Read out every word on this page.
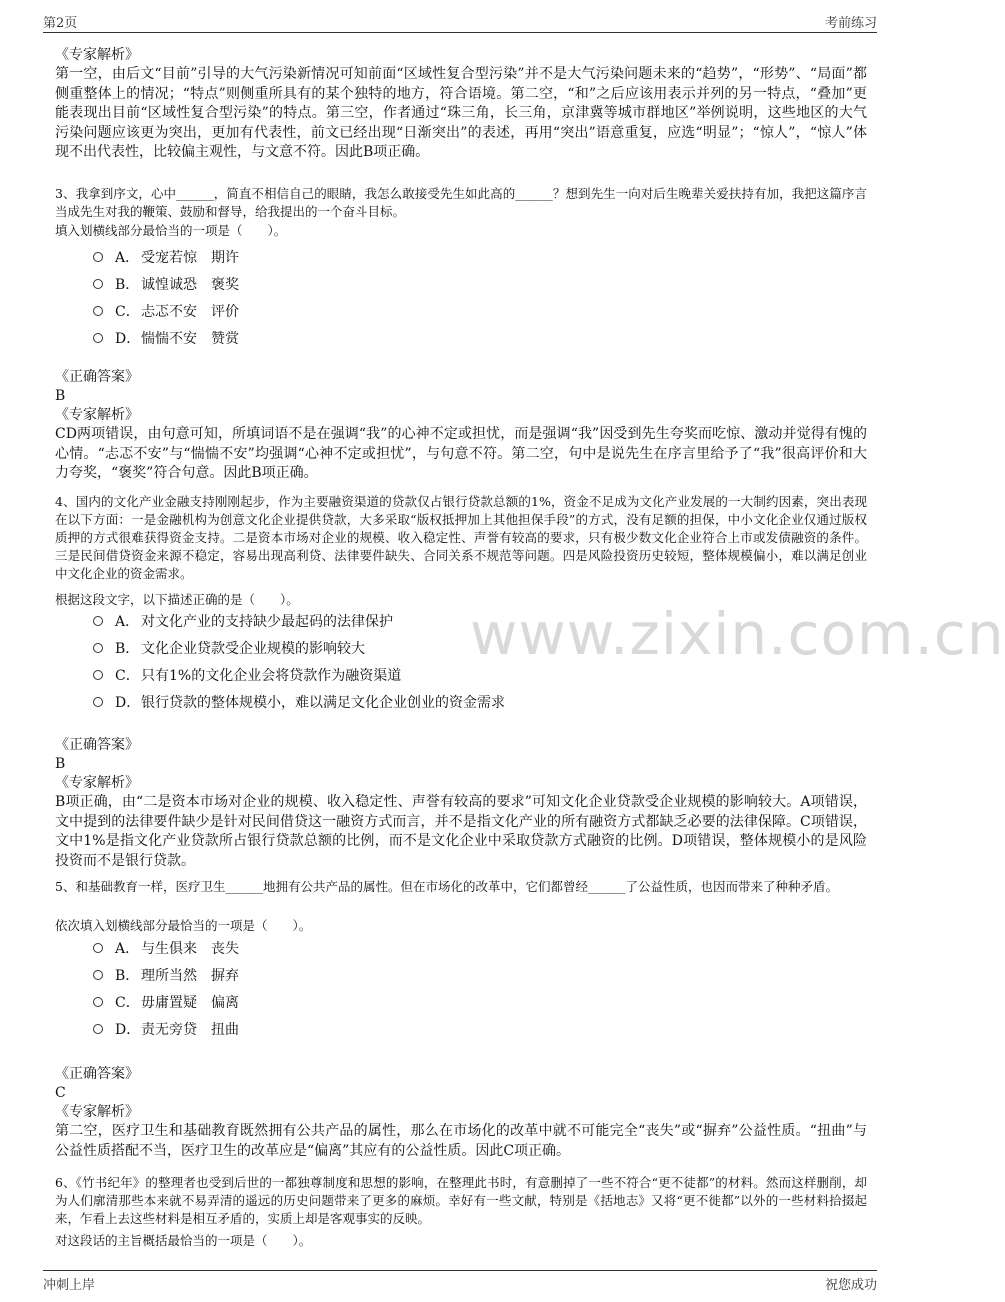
第2页	考前练习
www.zixin.com.cn
《专家解析》

第一空，由后文“目前”引导的大气污染新情况可知前面“区域性复合型污染”并不是大气污染问题未来的“趋势”，“形势”、“局面”都侧重整体上的情况；“特点”则侧重所具有的某个独特的地方，符合语境。第二空，“和”之后应该用表示并列的另一特点，“叠加”更能表现出目前“区域性复合型污染”的特点。第三空，作者通过“珠三角，长三角，京津冀等城市群地区”举例说明，这些地区的大气污染问题应该更为突出，更加有代表性，前文已经出现“日渐突出”的表述，再用“突出”语意重复，应选“明显”；“惊人”，“惊人”体现不出代表性，比较偏主观性，与文意不符。因此B项正确。

3、我拿到序文，心中______，简直不相信自己的眼睛，我怎么敢接受先生如此高的______？想到先生一向对后生晚辈关爱扶持有加，我把这篇序言当成先生对我的鞭策、鼓励和督导，给我提出的一个奋斗目标。

填入划横线部分最恰当的一项是（　　）。
A． 受宠若惊　期许
B． 诚惶诚恐　褒奖
C． 忐忑不安　评价
D． 惴惴不安　赞赏
《正确答案》
B
《专家解析》

CD两项错误，由句意可知，所填词语不是在强调“我”的心神不定或担忧，而是强调“我”因受到先生夸奖而吃惊、激动并觉得有愧的心情。“忐忑不安”与“惴惴不安”均强调“心神不定或担忧”，与句意不符。第二空，句中是说先生在序言里给予了“我”很高评价和大力夸奖，“褒奖”符合句意。因此B项正确。

4、国内的文化产业金融支持刚刚起步，作为主要融资渠道的贷款仅占银行贷款总额的1%，资金不足成为文化产业发展的一大制约因素，突出表现在以下方面：一是金融机构为创意文化企业提供贷款，大多采取“版权抵押加上其他担保手段”的方式，没有足额的担保，中小文化企业仅通过版权质押的方式很难获得资金支持。二是资本市场对企业的规模、收入稳定性、声誉有较高的要求，只有极少数文化企业符合上市或发债融资的条件。三是民间借贷资金来源不稳定，容易出现高利贷、法律要件缺失、合同关系不规范等问题。四是风险投资历史较短，整体规模偏小，难以满足创业中文化企业的资金需求。

根据这段文字，以下描述正确的是（　　）。
A． 对文化产业的支持缺少最起码的法律保护
B． 文化企业贷款受企业规模的影响较大
C． 只有1%的文化企业会将贷款作为融资渠道
D． 银行贷款的整体规模小，难以满足文化企业创业的资金需求
《正确答案》
B
《专家解析》

B项正确，由“二是资本市场对企业的规模、收入稳定性、声誉有较高的要求”可知文化企业贷款受企业规模的影响较大。A项错误，文中提到的法律要件缺少是针对民间借贷这一融资方式而言，并不是指文化产业的所有融资方式都缺乏必要的法律保障。C项错误，文中1%是指文化产业贷款所占银行贷款总额的比例，而不是文化企业中采取贷款方式融资的比例。D项错误，整体规模小的是风险投资而不是银行贷款。

5、和基础教育一样，医疗卫生______地拥有公共产品的属性。但在市场化的改革中，它们都曾经______了公益性质，也因而带来了种种矛盾。

依次填入划横线部分最恰当的一项是（　　）。
A． 与生俱来　丧失
B． 理所当然　摒弃
C． 毋庸置疑　偏离
D． 责无旁贷　扭曲
《正确答案》
C
《专家解析》

第二空，医疗卫生和基础教育既然拥有公共产品的属性，那么在市场化的改革中就不可能完全“丧失”或“摒弃”公益性质。“扭曲”与公益性质搭配不当，医疗卫生的改革应是“偏离”其应有的公益性质。因此C项正确。

6、《竹书纪年》的整理者也受到后世的一都独尊制度和思想的影响，在整理此书时，有意删掉了一些不符合“更不徒都”的材料。然而这样删削，却为人们廓清那些本来就不易弄清的遥远的历史问题带来了更多的麻烦。幸好有一些文献，特别是《括地志》又将“更不徙都”以外的一些材料拾掇起来，乍看上去这些材料是相互矛盾的，实质上却是客观事实的反映。

对这段话的主旨概括最恰当的一项是（　　）。
冲刺上岸	祝您成功
